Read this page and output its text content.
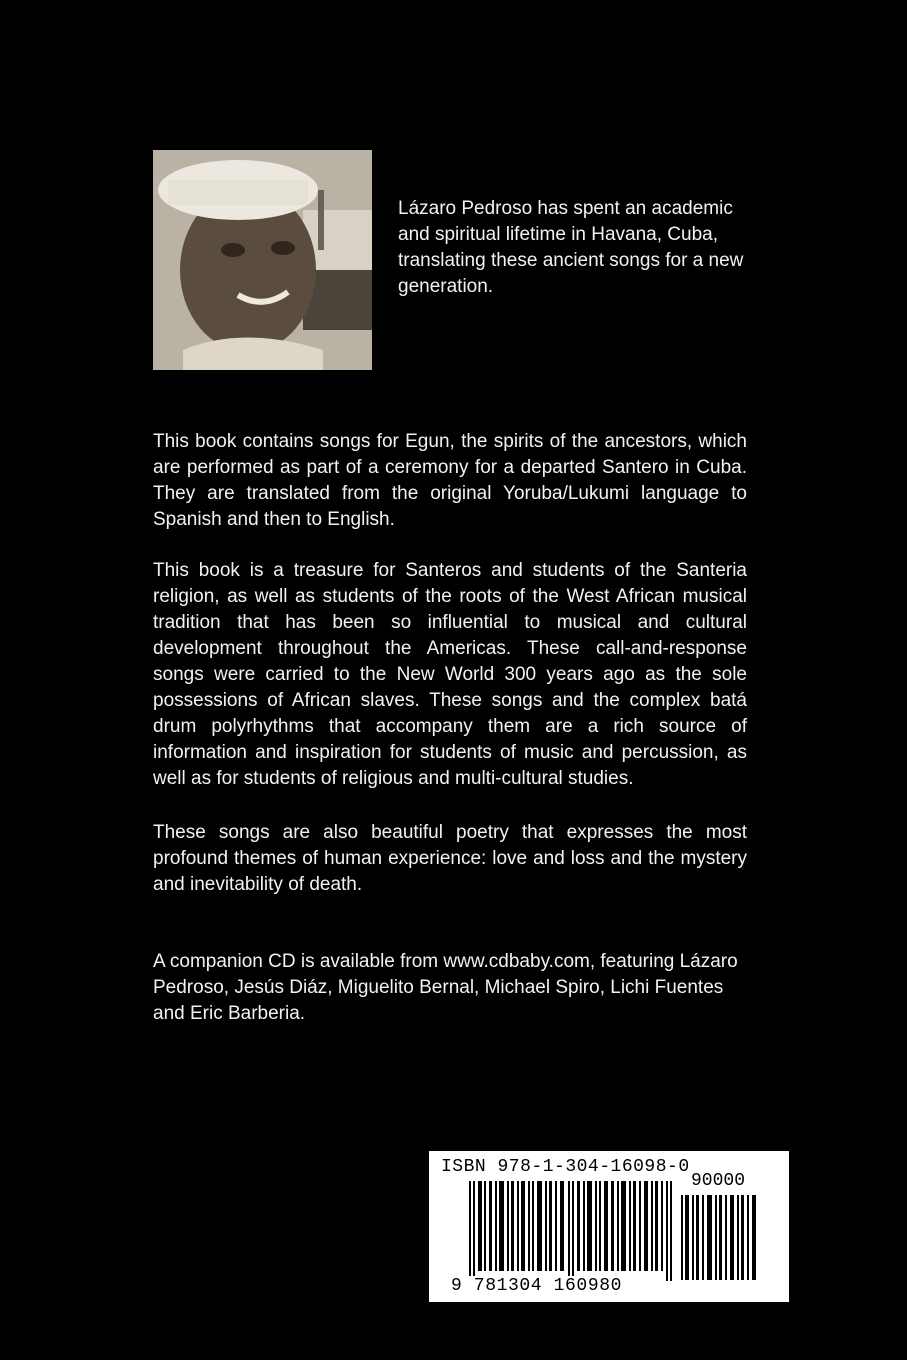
Lázaro Pedroso has spent an academic and spiritual lifetime in Havana, Cuba, translating these ancient songs for a new generation.
This book contains songs for Egun, the spirits of the ancestors, which are performed as part of a ceremony for a departed Santero in Cuba. They are translated from the original Yoruba/Lukumi language to Spanish and then to English.
This book is a treasure for Santeros and students of the Santeria religion, as well as students of the roots of the West African musical tradition that has been so influential to musical and cultural development throughout the Americas. These call-and-response songs were carried to the New World 300 years ago as the sole possessions of African slaves. These songs and the complex batá drum polyrhythms that accompany them are a rich source of information and inspiration for students of music and percussion, as well as for students of religious and multi-cultural studies.
These songs are also beautiful poetry that expresses the most profound themes of human experience: love and loss and the mystery and inevitability of death.
A companion CD is available from www.cdbaby.com, featuring Lázaro Pedroso, Jesús Diáz, Miguelito Bernal, Michael Spiro, Lichi Fuentes and Eric Barberia.
ISBN 978-1-304-16098-0
90000
9 781304 160980
